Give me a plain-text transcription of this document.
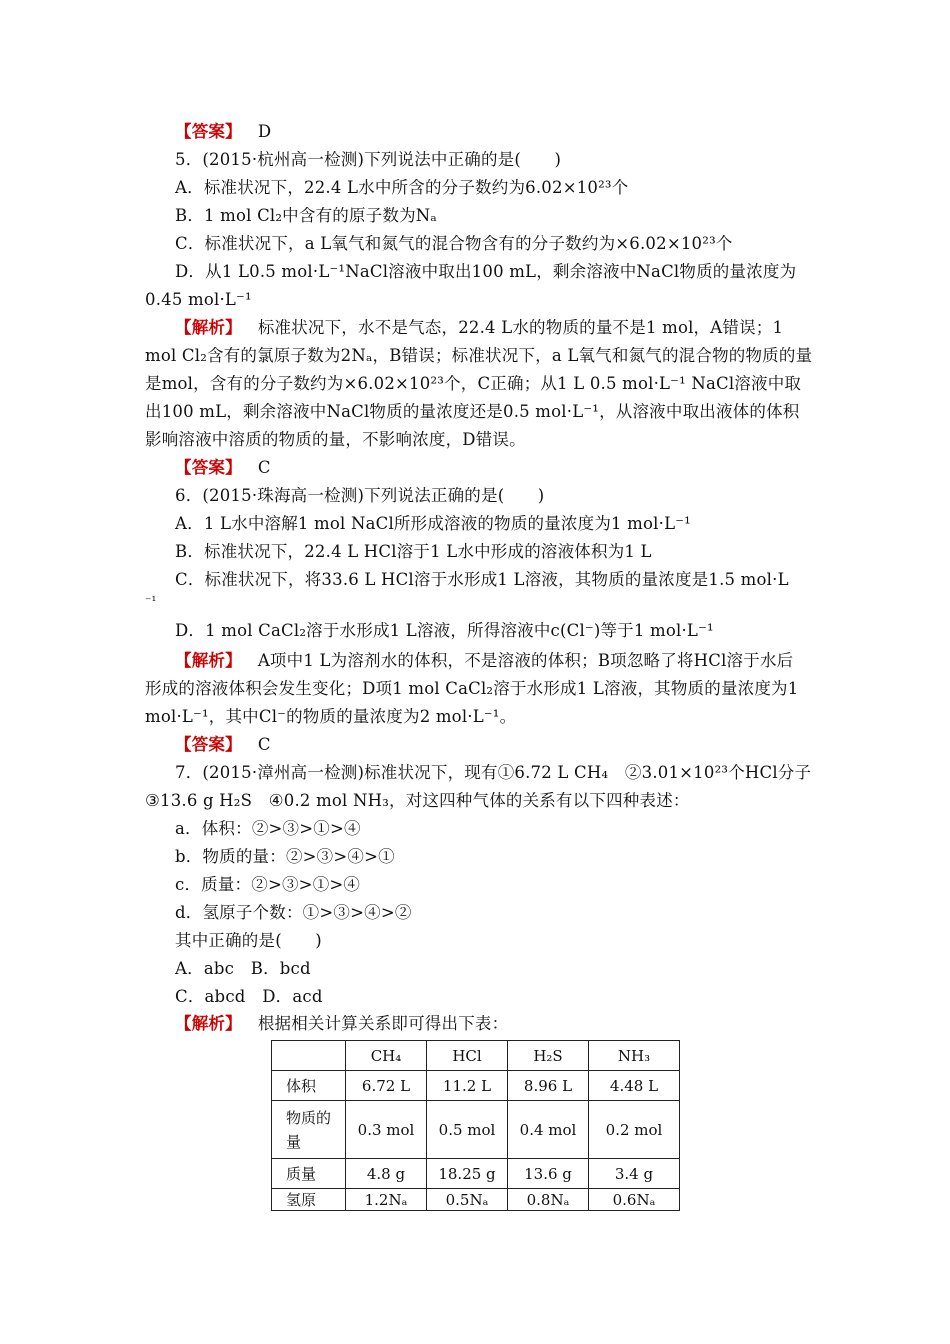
【答案】 D
5．(2015·杭州高一检测)下列说法中正确的是(　　)
A．标准状况下，22.4 L水中所含的分子数约为6.02×10²³个
B．1 mol Cl₂中含有的原子数为Nₐ
C．标准状况下，a L氧气和氮气的混合物含有的分子数约为×6.02×10²³个
D．从1 L0.5 mol·L⁻¹NaCl溶液中取出100 mL，剩余溶液中NaCl物质的量浓度为
0.45 mol·L⁻¹
【解析】 标准状况下，水不是气态，22.4 L水的物质的量不是1 mol，A错误；1
mol Cl₂含有的氯原子数为2Nₐ，B错误；标准状况下，a L氧气和氮气的混合物的物质的量
是mol，含有的分子数约为×6.02×10²³个，C正确；从1 L 0.5 mol·L⁻¹ NaCl溶液中取
出100 mL，剩余溶液中NaCl物质的量浓度还是0.5 mol·L⁻¹，从溶液中取出液体的体积
影响溶液中溶质的物质的量，不影响浓度，D错误。
【答案】 C
6．(2015·珠海高一检测)下列说法正确的是(　　)
A．1 L水中溶解1 mol NaCl所形成溶液的物质的量浓度为1 mol·L⁻¹
B．标准状况下，22.4 L HCl溶于1 L水中形成的溶液体积为1 L
C．标准状况下，将33.6 L HCl溶于水形成1 L溶液，其物质的量浓度是1.5 mol·L
⁻¹
D．1 mol CaCl₂溶于水形成1 L溶液，所得溶液中c(Cl⁻)等于1 mol·L⁻¹
【解析】 A项中1 L为溶剂水的体积，不是溶液的体积；B项忽略了将HCl溶于水后
形成的溶液体积会发生变化；D项1 mol CaCl₂溶于水形成1 L溶液，其物质的量浓度为1
mol·L⁻¹，其中Cl⁻的物质的量浓度为2 mol·L⁻¹。
【答案】 C
7．(2015·漳州高一检测)标准状况下，现有①6.72 L CH₄　②3.01×10²³个HCl分子
③13.6 g H₂S　④0.2 mol NH₃，对这四种气体的关系有以下四种表述：
a．体积：②>③>①>④
b．物质的量：②>③>④>①
c．质量：②>③>①>④
d．氢原子个数：①>③>④>②
其中正确的是(　　)
A．abc　B．bcd
C．abcd　D．acd
【解析】 根据相关计算关系即可得出下表：
	CH₄	HCl	H₂S	NH₃
体积	6.72 L	11.2 L	8.96 L	4.48 L
物质的量	0.3 mol	0.5 mol	0.4 mol	0.2 mol
质量	4.8 g	18.25 g	13.6 g	3.4 g
氢原	1.2Nₐ	0.5Nₐ	0.8Nₐ	0.6Nₐ
